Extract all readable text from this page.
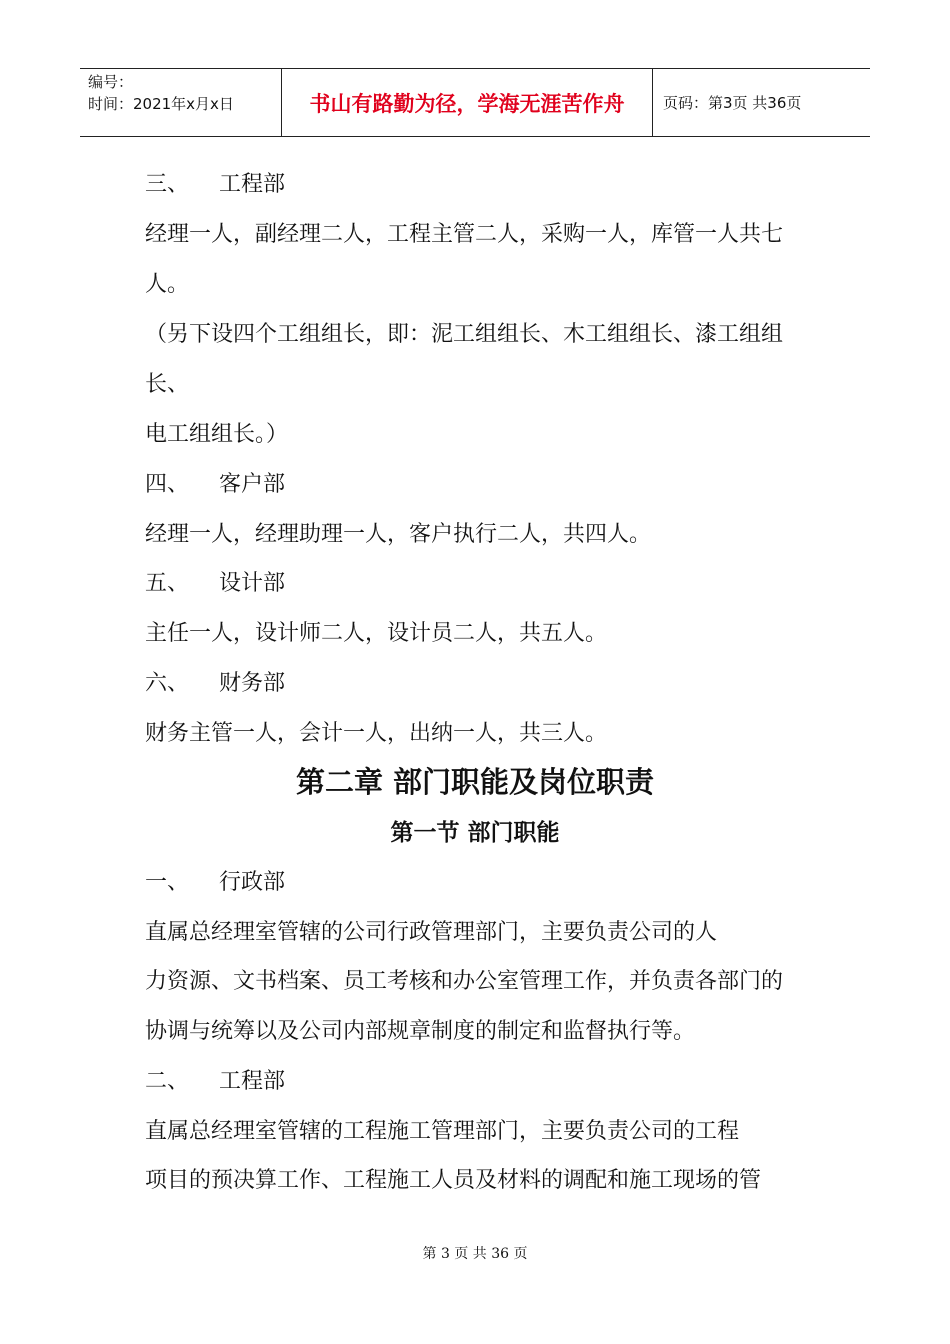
编号：
时间：2021年x月x日	书山有路勤为径，学海无涯苦作舟	页码：第3页 共36页
三、 工程部
经理一人，副经理二人，工程主管二人，采购一人，库管一人共七
人。
（另下设四个工组组长，即：泥工组组长、木工组组长、漆工组组
长、
电工组组长。）
四、 客户部
经理一人，经理助理一人，客户执行二人，共四人。
五、 设计部
主任一人，设计师二人，设计员二人，共五人。
六、 财务部
财务主管一人，会计一人，出纳一人，共三人。
第二章 部门职能及岗位职责
第一节 部门职能
一、 行政部
直属总经理室管辖的公司行政管理部门，主要负责公司的人
力资源、文书档案、员工考核和办公室管理工作，并负责各部门的
协调与统筹以及公司内部规章制度的制定和监督执行等。
二、 工程部
直属总经理室管辖的工程施工管理部门，主要负责公司的工程
项目的预决算工作、工程施工人员及材料的调配和施工现场的管
第 3 页 共 36 页
